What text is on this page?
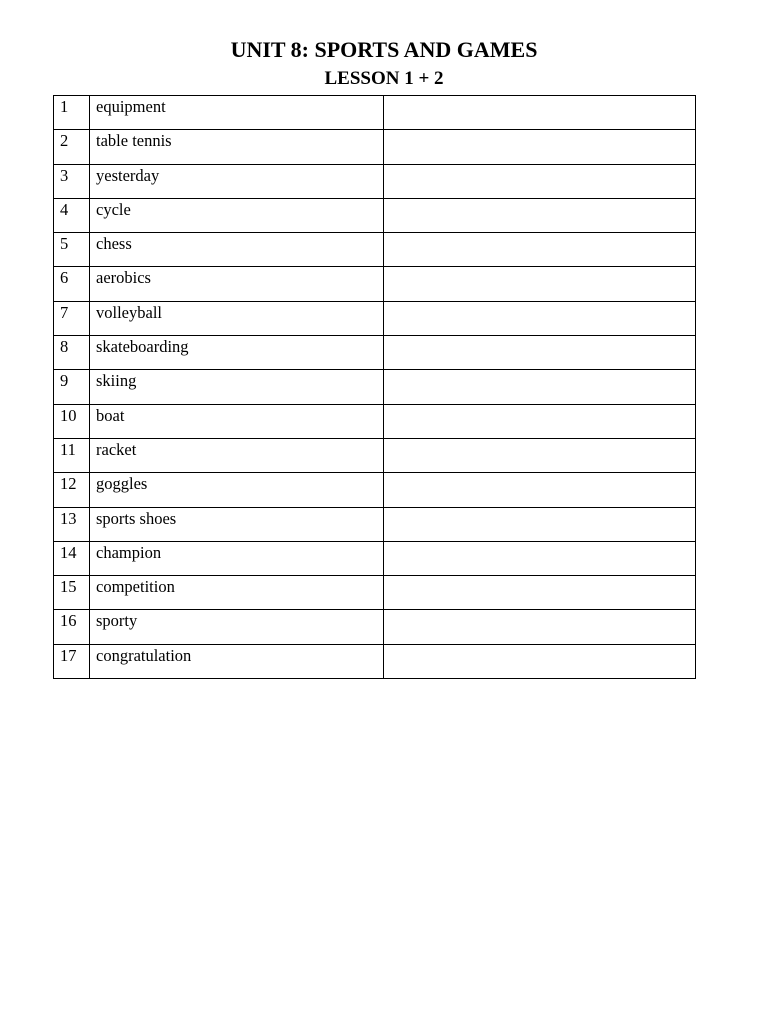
UNIT 8: SPORTS AND GAMES
LESSON 1 + 2
1	equipment	

2	table tennis	

3	yesterday	

4	cycle	

5	chess	

6	aerobics	

7	volleyball	

8	skateboarding	

9	skiing	

10	boat	

11	racket	

12	goggles	

13	sports shoes	

14	champion	

15	competition	

16	sporty	

17	congratulation	
